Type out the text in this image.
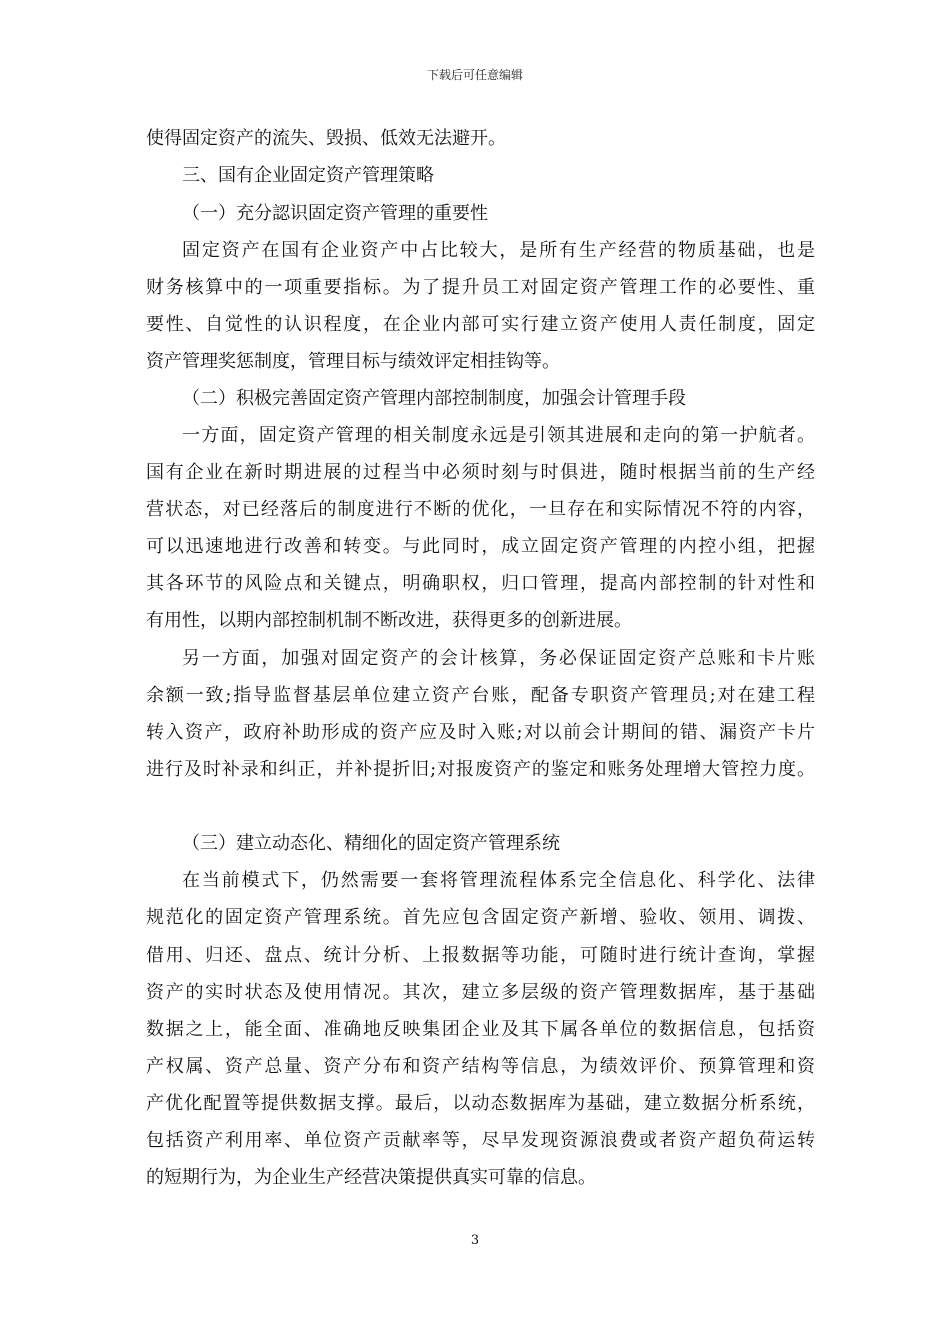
下载后可任意编辑
使得固定资产的流失、毁损、低效无法避开。
三、国有企业固定资产管理策略
（一）充分認识固定资产管理的重要性
固定资产在国有企业资产中占比较大，是所有生产经营的物质基础，也是
财务核算中的一项重要指标。为了提升员工对固定资产管理工作的必要性、重
要性、自觉性的认识程度，在企业内部可实行建立资产使用人责任制度，固定
资产管理奖惩制度，管理目标与绩效评定相挂钩等。
（二）积极完善固定资产管理内部控制制度，加强会计管理手段
一方面，固定资产管理的相关制度永远是引领其进展和走向的第一护航者。
国有企业在新时期进展的过程当中必须时刻与时俱进，随时根据当前的生产经
营状态，对已经落后的制度进行不断的优化，一旦存在和实际情况不符的内容，
可以迅速地进行改善和转变。与此同时，成立固定资产管理的内控小组，把握
其各环节的风险点和关键点，明确职权，归口管理，提高内部控制的针对性和
有用性，以期内部控制机制不断改进，获得更多的创新进展。
另一方面，加强对固定资产的会计核算，务必保证固定资产总账和卡片账
余额一致;指导监督基层单位建立资产台账，配备专职资产管理员;对在建工程
转入资产，政府补助形成的资产应及时入账;对以前会计期间的错、漏资产卡片
进行及时补录和纠正，并补提折旧;对报废资产的鉴定和账务处理增大管控力度。
（三）建立动态化、精细化的固定资产管理系统
在当前模式下，仍然需要一套将管理流程体系完全信息化、科学化、法律
规范化的固定资产管理系统。首先应包含固定资产新增、验收、领用、调拨、
借用、归还、盘点、统计分析、上报数据等功能，可随时进行统计查询，掌握
资产的实时状态及使用情况。其次，建立多层级的资产管理数据库，基于基础
数据之上，能全面、准确地反映集团企业及其下属各单位的数据信息，包括资
产权属、资产总量、资产分布和资产结构等信息，为绩效评价、预算管理和资
产优化配置等提供数据支撑。最后，以动态数据库为基础，建立数据分析系统，
包括资产利用率、单位资产贡献率等，尽早发现资源浪费或者资产超负荷运转
的短期行为，为企业生产经营决策提供真实可靠的信息。
3
